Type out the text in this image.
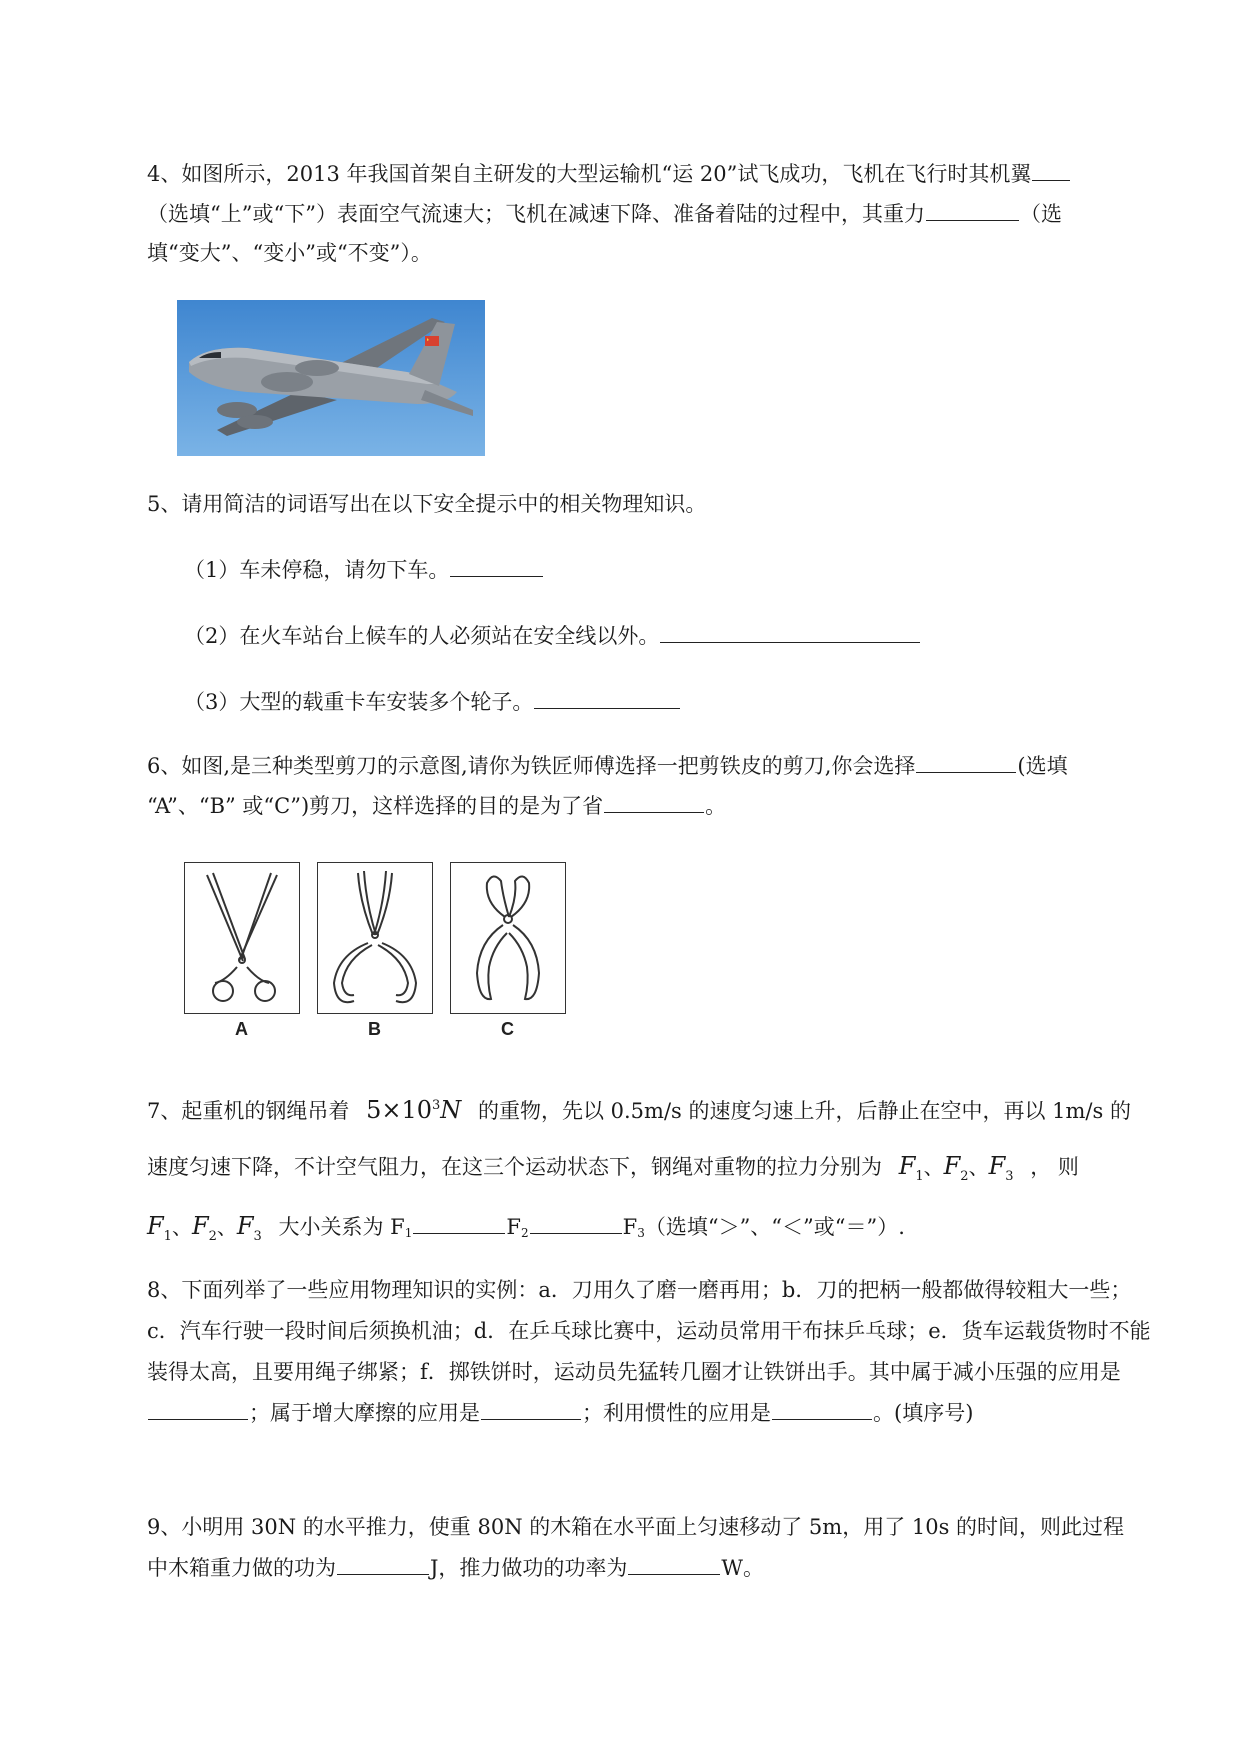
4、如图所示，2013 年我国首架自主研发的大型运输机“运 20”试飞成功，飞机在飞行时其机翼
（选填“上”或“下”）表面空气流速大；飞机在减速下降、准备着陆的过程中，其重力	（选
填“变大”、“变小”或“不变”）。
5、请用简洁的词语写出在以下安全提示中的相关物理知识。
（1）车未停稳，请勿下车。
（2）在火车站台上候车的人必须站在安全线以外。
（3）大型的载重卡车安装多个轮子。
6、如图,是三种类型剪刀的示意图,请你为铁匠师傅选择一把剪铁皮的剪刀,你会选择	(选填
“A”、“B” 或“C”)剪刀，这样选择的目的是为了省	。
A	B	C
7、起重机的钢绳吊着 $5\times 10^3N$ 的重物，先以 0.5m/s 的速度匀速上升，后静止在空中，再以 1m/s 的
速度匀速下降，不计空气阻力，在这三个运动状态下，钢绳对重物的拉力分别为 $F_1$、$F_2$、$F_3$ ， 则
$F_1$、$F_2$、$F_3$ 大小关系为 F1	F2	F3（选填“＞”、“＜”或“＝”）.

8、下面列举了一些应用物理知识的实例：a．刀用久了磨一磨再用；b．刀的把柄一般都做得较粗大一些；c．汽车行驶一段时间后须换机油；d．在乒乓球比赛中，运动员常用干布抹乒乓球；e．货车运载货物时不能装得太高，且要用绳子绑紧；f．掷铁饼时，运动员先猛转几圈才让铁饼出手。其中属于减小压强的应用是；属于增大摩擦的应用是	；利用惯性的应用是	。(填序号)

9、小明用 30N 的水平推力，使重 80N 的木箱在水平面上匀速移动了 5m，用了 10s 的时间，则此过程
中木箱重力做的功为	J，推力做功的功率为	W。
